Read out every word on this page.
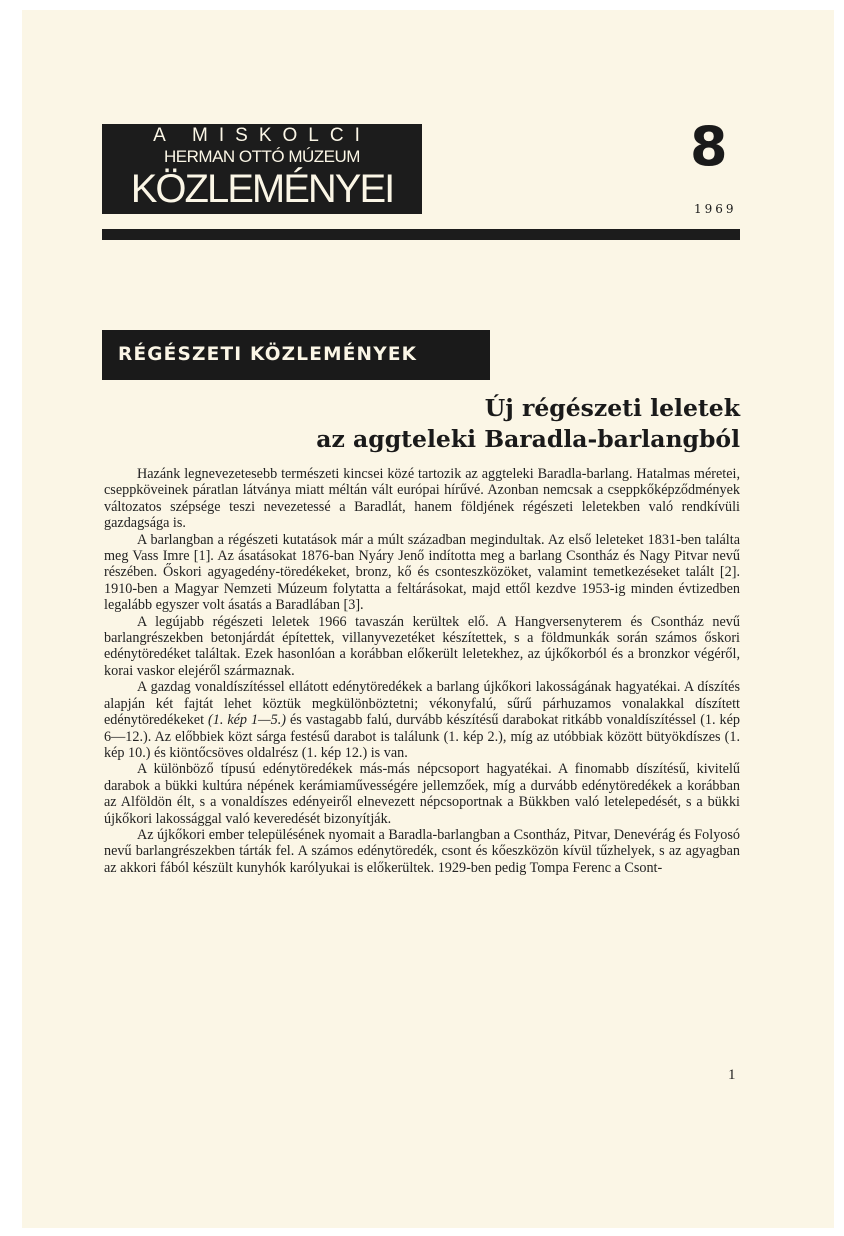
A MISKOLCI
HERMAN OTTÓ MÚZEUM
KÖZLEMÉNYEI
8
1969
RÉGÉSZETI KÖZLEMÉNYEK
Új régészeti leletek
az aggteleki Baradla-barlangból

Hazánk legnevezetesebb természeti kincsei közé tartozik az aggteleki Baradla-barlang. Hatalmas méretei, cseppköveinek páratlan látványa miatt méltán vált európai hírűvé. Azonban nemcsak a cseppkőképződmények változatos szépsége teszi nevezetessé a Baradlát, hanem földjének régészeti leletekben való rendkívüli gazdagsága is.

A barlangban a régészeti kutatások már a múlt században megindultak. Az első leleteket 1831-ben találta meg Vass Imre [1]. Az ásatásokat 1876-ban Nyáry Jenő indította meg a barlang Csontház és Nagy Pitvar nevű részében. Őskori agyagedény-töredékeket, bronz, kő és csonteszközöket, valamint temetkezéseket talált [2]. 1910-ben a Magyar Nemzeti Múzeum folytatta a feltárásokat, majd ettől kezdve 1953-ig minden évtizedben legalább egyszer volt ásatás a Baradlában [3].

A legújabb régészeti leletek 1966 tavaszán kerültek elő. A Hangversenyterem és Csontház nevű barlangrészekben betonjárdát építettek, villanyvezetéket készítettek, s a földmunkák során számos őskori edénytöredéket találtak. Ezek hasonlóan a korábban előkerült leletekhez, az újkőkorból és a bronzkor végéről, korai vaskor elejéről származnak.

A gazdag vonaldíszítéssel ellátott edénytöredékek a barlang újkőkori lakosságának hagyatékai. A díszítés alapján két fajtát lehet köztük megkülönböztetni; vékonyfalú, sűrű párhuzamos vonalakkal díszített edénytöredékeket (1. kép 1—5.) és vastagabb falú, durvább készítésű darabokat ritkább vonaldíszítéssel (1. kép 6—12.). Az előbbiek közt sárga festésű darabot is találunk (1. kép 2.), míg az utóbbiak között bütyökdíszes (1. kép 10.) és kiöntőcsöves oldalrész (1. kép 12.) is van.

A különböző típusú edénytöredékek más-más népcsoport hagyatékai. A finomabb díszítésű, kivitelű darabok a bükki kultúra népének kerámiaművességére jellemzőek, míg a durvább edénytöredékek a korábban az Alföldön élt, s a vonaldíszes edényeiről elnevezett népcsoportnak a Bükkben való letelepedését, s a bükki újkőkori lakossággal való keveredését bizonyítják.

Az újkőkori ember településének nyomait a Baradla-barlangban a Csontház, Pitvar, Denevérág és Folyosó nevű barlangrészekben tárták fel. A számos edénytöredék, csont és kőeszközön kívül tűzhelyek, s az agyagban az akkori fából készült kunyhók karólyukai is előkerültek. 1929-ben pedig Tompa Ferenc a Csont-

1
